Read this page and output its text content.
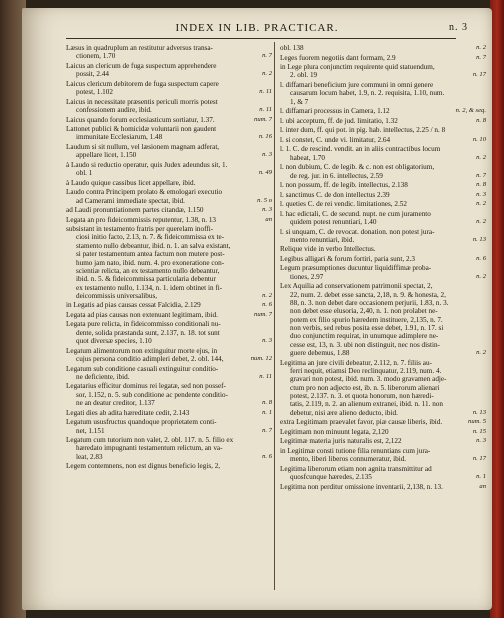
INDEX IN LIB. PRACTICAR.	n. 3
Læsus in quadruplum an restitutur adversus transa-
n. 7
ctionem, 1.70
Laicus an clericum de fuga suspectum apprehendere
n. 2
possit, 2.44
Laicus clericum debitorem de fuga suspectum capere
n. 11
potest, 1.102
Laicus in necessitate præsentis periculi morris potest
n. 11
confessionem audire, ibid.
num. 7
Laicus quando forum ecclesiasticum sortiatur, 1.37.
Lattonet publici & homicidæ voluntarii non gaudent
n. 16
immunitate Ecclesiarum, 1.48
Laudum si sit nullum, vel læsionem magnam adferat,
n. 3
appellare licet, 1.150
à Laudo si reductio operatur, quis Judex adeundus sit, 1.
n. 49
obl. 1
à Laudo quique cassibus licet appellare, ibid.
Laudo contra Principem prolato & emologari executio
n. 5 o
ad Camerami immediate spectat, ibid.
n. 3
ad Laudi pronuntiationem partes citandæ, 1.150
an
Legata an pro fideicommissis reputentur, 1.38, n. 13
subsistant in testamento fratris per querelam inoffi-
ciosi initio facto, 2.13, n. 7. & fideicommissa ex te-
stamento nullo debeantur, ibid. n. 1. an salva existant,
si pater testamentum antea factum non mutere post-
humo jam nato, ibid. num. 4. pro exoneratione con-
scientiæ relicta, an ex testamento nullo debeantur,
ibid. n. 5. & fideicommissa particularia debentur
ex testamento nullo, 1.134, n. 1. idem obtinet in fi-
n. 2
deicommissis universalibus,
n. 6
in Legatis ad pias causas cessat Falcidia, 2.129
num. 7
Legata ad pias causas non extenuant legitimam, ibid.
Legata pure relicta, in fideicommisso conditionali nu-
dente, solida præstanda sunt, 2.137, n. 18. tot sunt
n. 3
quot diversæ species, 1.10
Legatum alimentorum non extinguitur morte ejus, in
num. 12
cujus persona conditio adimpleri debet, 2. obl. 144,
Legatum sub conditione casuali extinguitur conditio-
n. 11
ne deficiente, ibid.
Legatarius efficitur dominus rei legatæ, sed non possef-
sor, 1.152, n. 5. sub conditione ac pendente conditio-
n. 8
ne an deatur creditor, 1.137
n. 1
Legati dies ab adita hæreditate cedit, 2.143
Legatum ususfructus quandoque proprietatem conti-
n. 7
net, 1.151
Legatum cum tutorium non valet, 2. obl. 117. n. 5. filio ex
hæredato impugnanti testamentum relictum, an va-
n. 6
leat, 2.83
Legem contemnens, non est dignus beneficio legis, 2,
n. 2
obl. 138
n. 7
Leges fuorem negotiis dant formam, 2.9
in Lege plura conjunctim requirente quid statuendum,
n. 17
2. obl. 19
l. diffamari beneficium jure communi in omni genere
causarum locum habet, 1.9, n. 2. requisita, 1.10, num.
1, & 7
n. 2, & seq.
l. diffamari processus in Camera, 1.12
n. 8
l. ubi acceptum, ff. de jud. limitatio, 1.32
l. inter dum, ff. qui pot. in pig. hab. intellectus, 2.25 / n. 8
n. 10
l. si constet, C. unde vi. limitatur, 2.64
l. 1. C. de rescind. vendit. an in aliis contractibus locum
n. 2
habeat, 1.70
l. non dubium, C. de legib. & c. non est obligatorium,
n. 7
de reg. jur. in 6. intellectus, 2.59
n. 8
l. non possum, ff. de legib. intellectus, 2.138
n. 3
l. sanctimus C. de don intellectus 2.39
n. 2
l. queties C. de rei vendic. limitationes, 2.52
l. hac edictali, C. de secund. nupt. ne cum juramento
n. 2
quidem potest renuntiari, 1.40
l. si unquam, C. de revocat. donation. non potest jura-
n. 13
mento renuntiari, ibid.
Relique vide in verbo Intellectus.
n. 6
Legibus alligari & forum fortiri, paria sunt, 2.3
Legum præsumptiones ducuntur liquidiffimæ proba-
n. 2
tiones, 2.97
Lex Aquilia ad conservationem patrimonii spectat, 2,
22, num. 2. debet esse sancta, 2,18, n. 9. & honesta, 2,
88, n. 3. non debet dare occasionem perjurii, 1.83, n. 3.
non debet esse elusoria, 2,40, n. 1. non prolabet ne-
potem ex filio spurio hæredem instituere, 2,135, n. 7.
non verbis, sed rebus posita esse debet, 1.91, n. 17. si
duo conjunctim requirat, in unumque adimplere ne-
cesse est, 13, n. 3. ubi non distinguit, nec nos distin-
n. 2
guere debemus, 1.88
Legitima an jure civili debeatur, 2.112, n. 7. filiis au-
ferri nequit, etiamsi Deo reclinquatur, 2.119, num. 4.
gravari non potest, ibid. num. 3. modo gravamen adje-
ctum pro non adjecto est, ib. n. 5. liberorum alienari
potest, 2.137. n. 3. et quota honorum, non hæredi-
tatis, 2.119, n. 2. an alienum extranei, ibid. n. 11. non
n. 13
debetur, nisi ære alieno deducto, ibid.
num. 5
extra Legitimam praevalet favor, piæ causæ liberis, ibid.
n. 15
Legitimam non minuunt legata, 2,120
n. 3
Legitimæ materia juris naturalis est, 2,122
in Legitimæ consti tutione filia renuntians cum jura-
n. 17
mento, liberi liberos connumeratur, ibid.
Legitima liberorum etiam non agnita transmittitur ad
n. 1
quosfcunque hæredes, 2.135
an
Legitima non perditur omissione inventarii, 2,138, n. 13.
